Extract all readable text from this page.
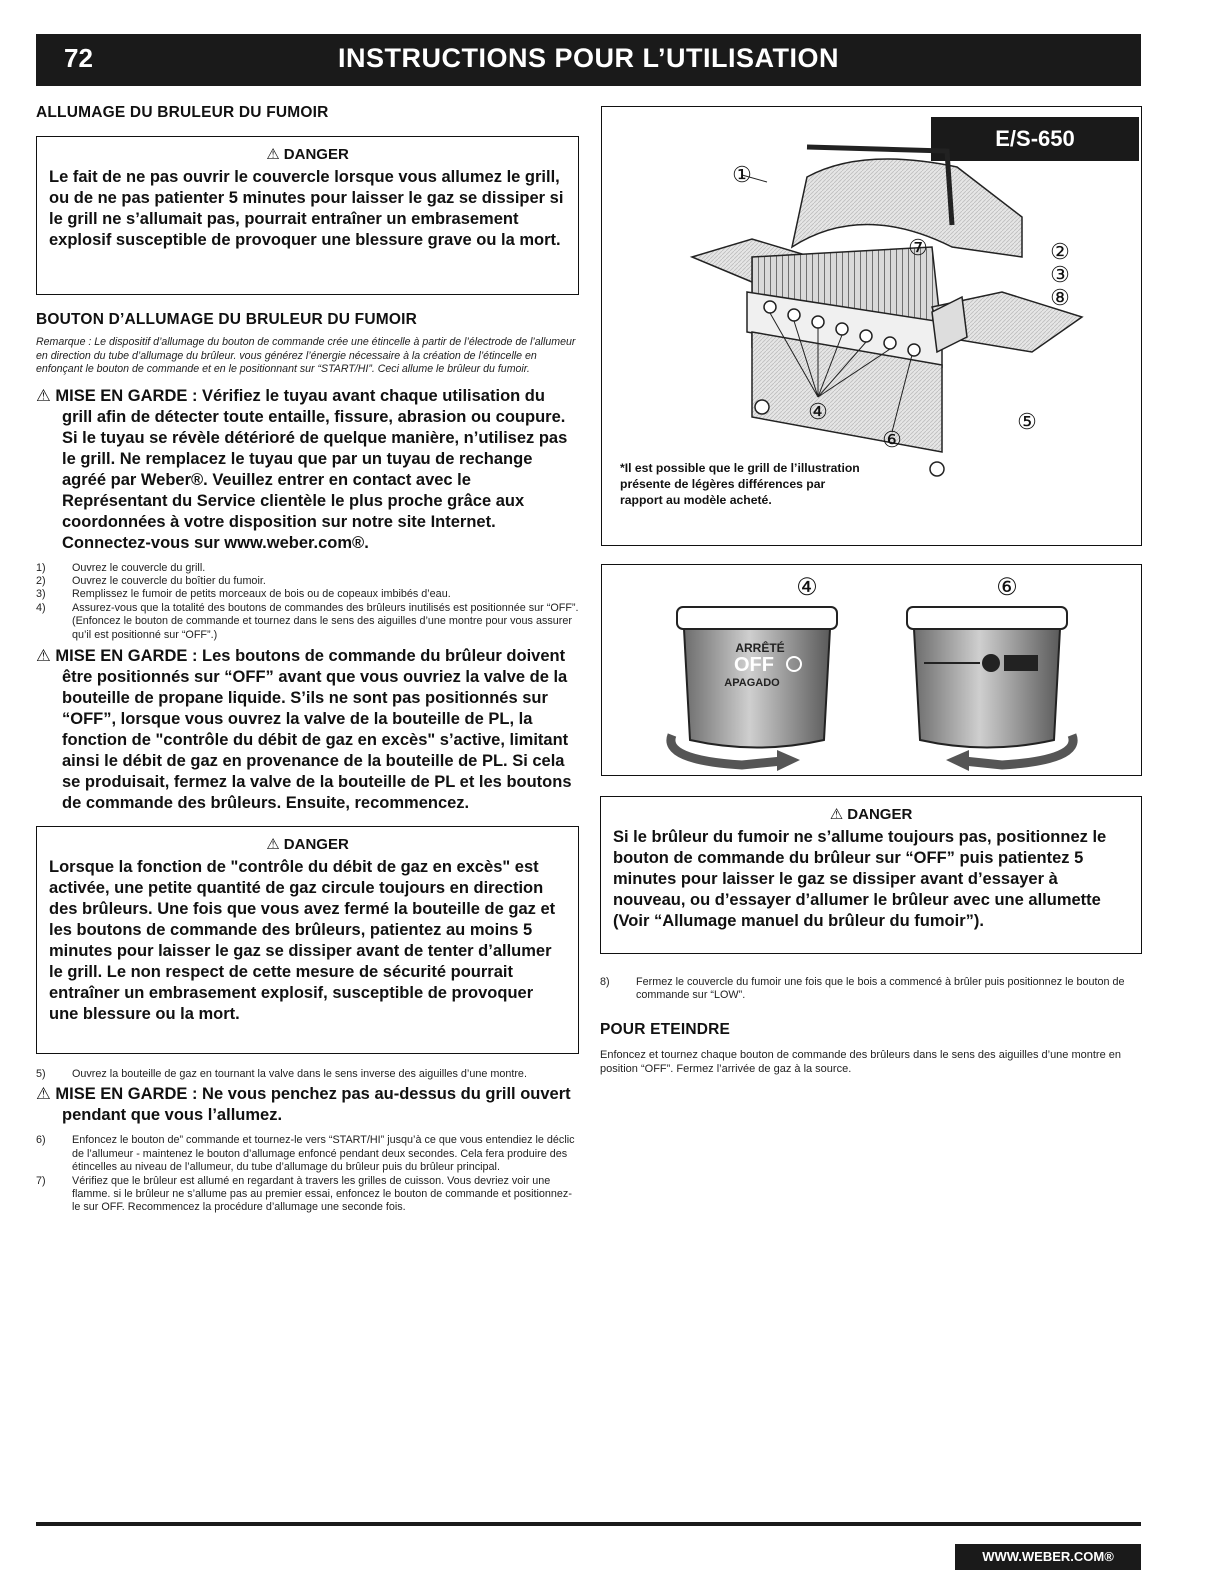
72	INSTRUCTIONS POUR L’UTILISATION
ALLUMAGE DU BRULEUR DU FUMOIR
⚠ DANGER
Le fait de ne pas ouvrir le couvercle lorsque vous allumez le grill, ou de ne pas patienter 5 minutes pour laisser le gaz se dissiper si le grill ne s’allumait pas, pourrait entraîner un embrasement explosif susceptible de provoquer une blessure grave ou la mort.
BOUTON D’ALLUMAGE DU BRULEUR DU FUMOIR

Remarque : Le dispositif d’allumage du bouton de commande crée une étincelle à partir de l’électrode de l’allumeur en direction du tube d’allumage du brûleur. vous générez l’énergie nécessaire à la création de l’étincelle en enfonçant le bouton de commande et en le positionnant sur “START/HI”. Ceci allume le brûleur du fumoir.

⚠ MISE EN GARDE : Vérifiez le tuyau avant chaque utilisation du grill afin de détecter toute entaille, fissure, abrasion ou coupure. Si le tuyau se révèle détérioré de quelque manière, n’utilisez pas le grill. Ne remplacez le tuyau que par un tuyau de rechange agréé par Weber®. Veuillez entrer en contact avec le Représentant du Service clientèle le plus proche grâce aux coordonnées à votre disposition sur notre site Internet. Connectez-vous sur www.weber.com®.

1)	Ouvrez le couvercle du grill.
2)	Ouvrez le couvercle du boîtier du fumoir.
3)	Remplissez le fumoir de petits morceaux de bois ou de copeaux imbibés d’eau.
4)	Assurez-vous que la totalité des boutons de commandes des brûleurs inutilisés est positionnée sur “OFF”. (Enfoncez le bouton de commande et tournez dans le sens des aiguilles d’une montre pour vous assurer qu’il est positionné sur “OFF”.)

⚠ MISE EN GARDE : Les boutons de commande du brûleur doivent être positionnés sur “OFF” avant que vous ouvriez la valve de la bouteille de propane liquide. S’ils ne sont pas positionnés sur “OFF”, lorsque vous ouvrez la valve de la bouteille de PL, la fonction de "contrôle du débit de gaz en excès" s’active, limitant ainsi le débit de gaz en provenance de la bouteille de PL. Si cela se produisait, fermez la valve de la bouteille de PL et les boutons de commande des brûleurs. Ensuite, recommencez.

⚠ DANGER
Lorsque la fonction de "contrôle du débit de gaz en excès" est activée, une petite quantité de gaz circule toujours en direction des brûleurs. Une fois que vous avez fermé la bouteille de gaz et les boutons de commande des brûleurs, patientez au moins 5 minutes pour laisser le gaz se dissiper avant de tenter d’allumer le grill. Le non respect de cette mesure de sécurité pourrait entraîner un embrasement explosif, susceptible de provoquer une blessure ou la mort.
5)	Ouvrez la bouteille de gaz en tournant la valve dans le sens inverse des aiguilles d’une montre.

⚠ MISE EN GARDE : Ne vous penchez pas au-dessus du grill ouvert pendant que vous l’allumez.

6)	Enfoncez le bouton de” commande et tournez-le vers “START/HI” jusqu’à ce que vous entendiez le déclic de l’allumeur - maintenez le bouton d’allumage enfoncé pendant deux secondes. Cela fera produire des étincelles au niveau de l’allumeur, du tube d’allumage du brûleur puis du brûleur principal.
7)	Vérifiez que le brûleur est allumé en regardant à travers les grilles de cuisson. Vous devriez voir une flamme. si le brûleur ne s’allume pas au premier essai, enfoncez le bouton de commande et positionnez-le sur OFF. Recommencez la procédure d’allumage une seconde fois.
E/S-650
①
②
③
④	⑤
⑥
⑦
⑧
*Il est possible que le grill de l’illustration présente de légères différences par rapport au modèle acheté.
④	⑥
ARRÊTÉ
OFF
APAGADO
⚠ DANGER
Si le brûleur du fumoir ne s’allume toujours pas, positionnez le bouton de commande du brûleur sur “OFF” puis patientez 5 minutes pour laisser le gaz se dissiper avant d’essayer à nouveau, ou d’essayer d’allumer le brûleur avec une allumette (Voir “Allumage manuel du brûleur du fumoir”).
8)	Fermez le couvercle du fumoir une fois que le bois a commencé à brûler puis positionnez le bouton de commande sur “LOW”.
POUR ETEINDRE

Enfoncez et tournez chaque bouton de commande des brûleurs dans le sens des aiguilles d’une montre en position “OFF”. Fermez l’arrivée de gaz à la source.

WWW.WEBER.COM®
